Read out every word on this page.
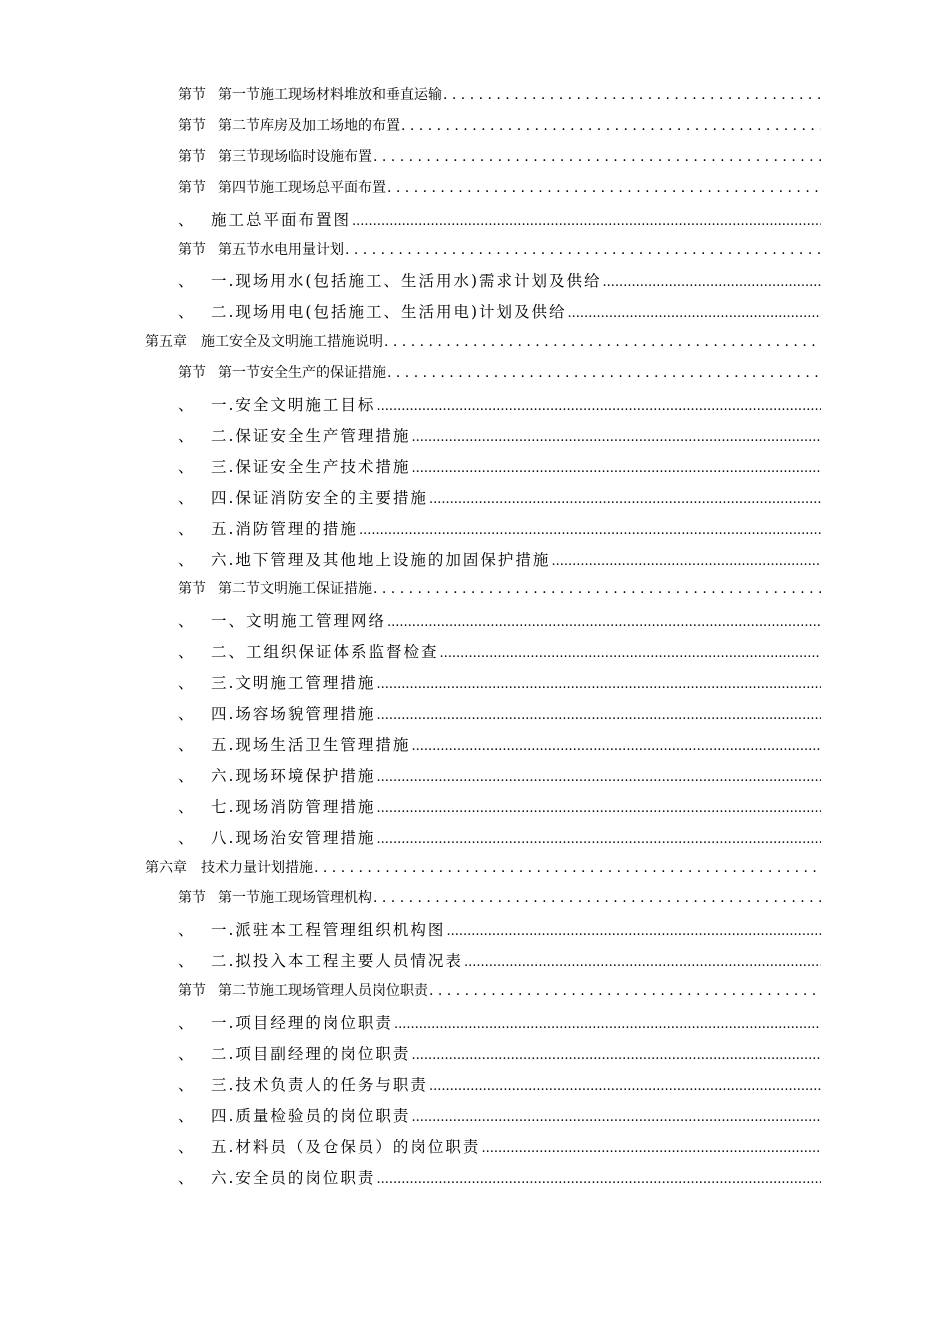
第节 第一节施工现场材料堆放和垂直运输
. . .
第节 第二节库房及加工场地的布置
. . .
第节 第三节现场临时设施布置
. . .
第节 第四节施工现场总平面布置
. . .
、 施工总平面布置图
.....
第节 第五节水电用量计划
. . .
、 一.现场用水(包括施工、生活用水)需求计划及供给
.....
、 二.现场用电(包括施工、生活用电)计划及供给
.....
第五章 施工安全及文明施工措施说明
. . .
第节 第一节安全生产的保证措施
. . .
、 一.安全文明施工目标
.....
、 二.保证安全生产管理措施
.....
、 三.保证安全生产技术措施
.....
、 四.保证消防安全的主要措施
.....
、 五.消防管理的措施
.....
、 六.地下管理及其他地上设施的加固保护措施
.....
第节 第二节文明施工保证措施
. . .
、 一、文明施工管理网络
.....
、 二、工组织保证体系监督检查
.....
、 三.文明施工管理措施
.....
、 四.场容场貌管理措施
.....
、 五.现场生活卫生管理措施
.....
、 六.现场环境保护措施
.....
、 七.现场消防管理措施
.....
、 八.现场治安管理措施
.....
第六章 技术力量计划措施
. . .
第节 第一节施工现场管理机构
. . .
、 一.派驻本工程管理组织机构图
.....
、 二.拟投入本工程主要人员情况表
.....
第节 第二节施工现场管理人员岗位职责
. . .
、 一.项目经理的岗位职责
.....
、 二.项目副经理的岗位职责
.....
、 三.技术负责人的任务与职责
.....
、 四.质量检验员的岗位职责
.....
、 五.材料员（及仓保员）的岗位职责
.....
、 六.安全员的岗位职责
.....
